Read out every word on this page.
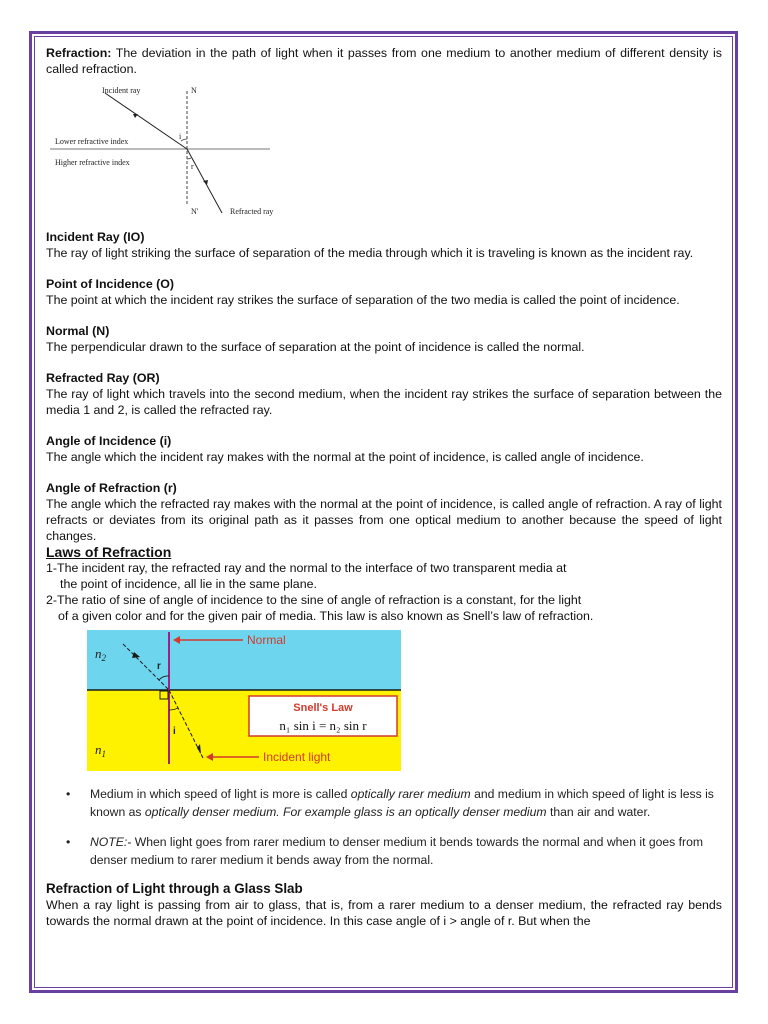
Refraction: The deviation in the path of light when it passes from one medium to another medium of different density is called refraction.

Incident ray	N
Lower refractive index
Higher refractive index
i
r
N'	Refracted ray

Incident Ray (IO)

The ray of light striking the surface of separation of the media through which it is traveling is known as the incident ray.

Point of Incidence (O)

The point at which the incident ray strikes the surface of separation of the two media is called the point of incidence.

Normal (N)

The perpendicular drawn to the surface of separation at the point of incidence is called the normal.

Refracted Ray (OR)

The ray of light which travels into the second medium, when the incident ray strikes the surface of separation between the media 1 and 2, is called the refracted ray.

Angle of Incidence (i)

The angle which the incident ray makes with the normal at the point of incidence, is called angle of incidence.

Angle of Refraction (r)

The angle which the refracted ray makes with the normal at the point of incidence, is called angle of refraction. A ray of light refracts or deviates from its original path as it passes from one optical medium to another because the speed of light changes.

Laws of Refraction

1-The incident ray, the refracted ray and the normal to the interface of two transparent media at
the point of incidence, all lie in the same plane.
2-The ratio of sine of angle of incidence to the sine of angle of refraction is a constant, for the light
of a given color and for the given pair of media. This law is also known as Snell’s law of refraction.
$n_2$
$n_1$
r
i
Normal
Incident light
Snell's Law
n₁ sin i = n₂ sin r
• Medium in which speed of light is more is called optically rarer medium and medium in which speed of light is less is known as optically denser medium. For example glass is an optically denser medium than air and water.
• NOTE:- When light goes from rarer medium to denser medium it bends towards the normal and when it goes from denser medium to rarer medium it bends away from the normal.

Refraction of Light through a Glass Slab

When a ray light is passing from air to glass, that is, from a rarer medium to a denser medium, the refracted ray bends towards the normal drawn at the point of incidence. In this case angle of i > angle of r. But when the
